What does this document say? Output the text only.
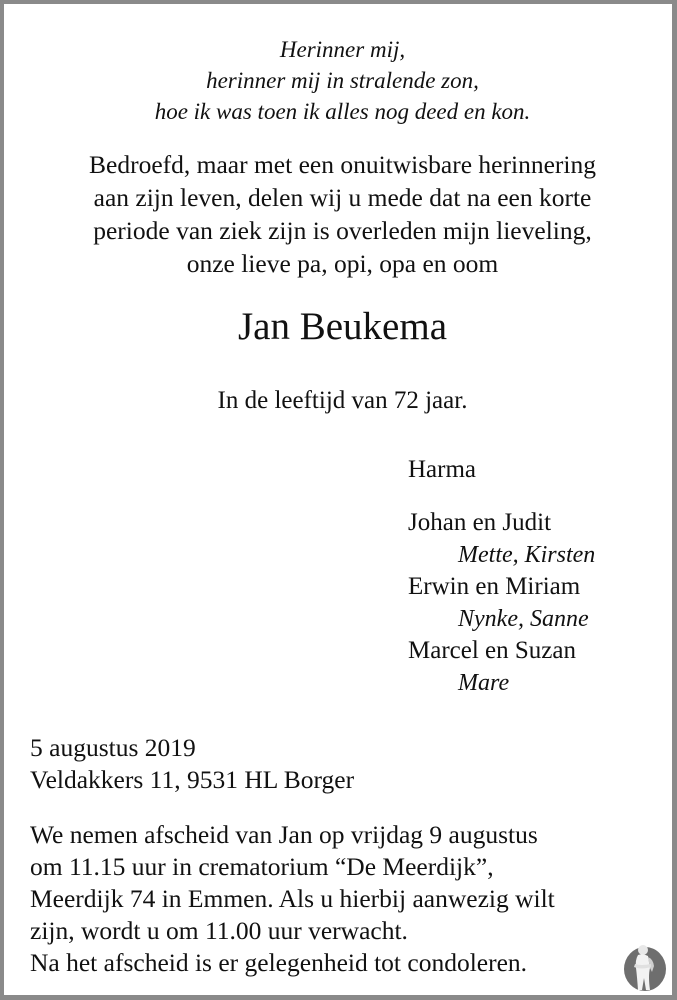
Herinner mij,
herinner mij in stralende zon,
hoe ik was toen ik alles nog deed en kon.
Bedroefd, maar met een onuitwisbare herinnering
aan zijn leven, delen wij u mede dat na een korte
periode van ziek zijn is overleden mijn lieveling,
onze lieve pa, opi, opa en oom
Jan Beukema
In de leeftijd van 72 jaar.
Harma
Johan en Judit
Mette, Kirsten
Erwin en Miriam
Nynke, Sanne
Marcel en Suzan
Mare
5 augustus 2019
Veldakkers 11, 9531 HL Borger
We nemen afscheid van Jan op vrijdag 9 augustus
om 11.15 uur in crematorium “De Meerdijk”,
Meerdijk 74 in Emmen. Als u hierbij aanwezig wilt
zijn, wordt u om 11.00 uur verwacht.
Na het afscheid is er gelegenheid tot condoleren.
